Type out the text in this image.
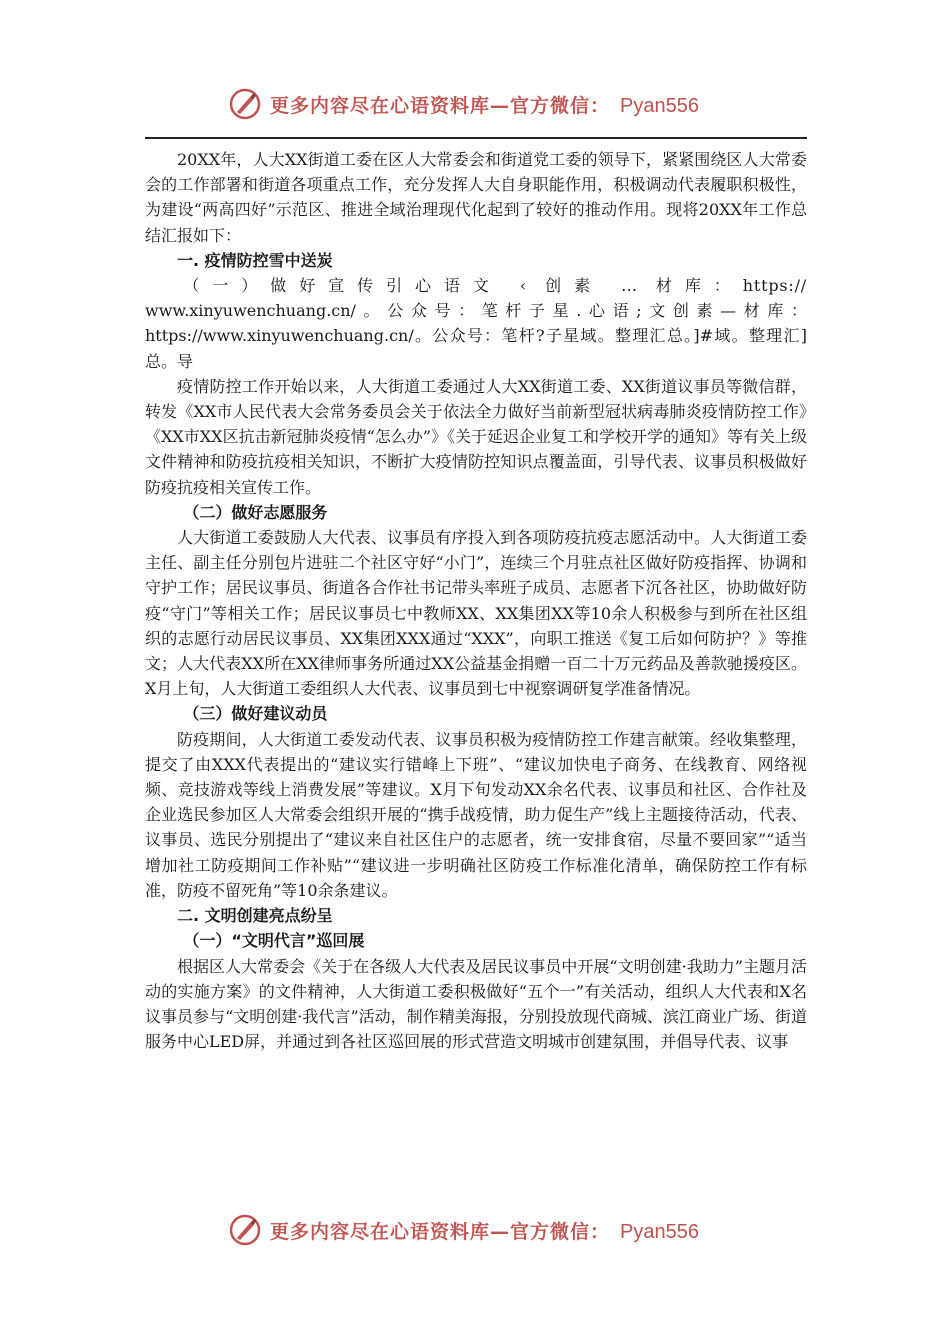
更多内容尽在心语资料库—官方微信： Pyan556

20XX年，人大XX街道工委在区人大常委会和街道党工委的领导下，紧紧围绕区人大常委会的工作部署和街道各项重点工作，充分发挥人大自身职能作用，积极调动代表履职积极性，为建设“两高四好”示范区、推进全域治理现代化起到了较好的推动作用。现将20XX年工作总结汇报如下：

一. 疫情防控雪中送炭

（一）做好宣传引心语文 ‹ 创素 … 材库：https://

www.xinyuwenchuang.cn/。公众号：笔杆子星.心语;文创素—材库：https://www.xinyuwenchuang.cn/。公众号：笔杆?子星域。整理汇总。]#域。整理汇]总。导

疫情防控工作开始以来，人大街道工委通过人大XX街道工委、XX街道议事员等微信群，转发《XX市人民代表大会常务委员会关于依法全力做好当前新型冠状病毒肺炎疫情防控工作》《XX市XX区抗击新冠肺炎疫情“怎么办”》《关于延迟企业复工和学校开学的通知》等有关上级文件精神和防疫抗疫相关知识，不断扩大疫情防控知识点覆盖面，引导代表、议事员积极做好防疫抗疫相关宣传工作。

（二）做好志愿服务

人大街道工委鼓励人大代表、议事员有序投入到各项防疫抗疫志愿活动中。人大街道工委主任、副主任分别包片进驻二个社区守好“小门”，连续三个月驻点社区做好防疫指挥、协调和守护工作；居民议事员、街道各合作社书记带头率班子成员、志愿者下沉各社区，协助做好防疫“守门”等相关工作；居民议事员七中教师XX、XX集团XX等10余人积极参与到所在社区组织的志愿行动居民议事员、XX集团XXX通过“XXX”，向职工推送《复工后如何防护？》等推文；人大代表XX所在XX律师事务所通过XX公益基金捐赠一百二十万元药品及善款驰援疫区。X月上旬，人大街道工委组织人大代表、议事员到七中视察调研复学准备情况。

（三）做好建议动员

防疫期间，人大街道工委发动代表、议事员积极为疫情防控工作建言献策。经收集整理，提交了由XXX代表提出的“建议实行错峰上下班”、“建议加快电子商务、在线教育、网络视频、竞技游戏等线上消费发展”等建议。X月下旬发动XX余名代表、议事员和社区、合作社及企业选民参加区人大常委会组织开展的“携手战疫情，助力促生产”线上主题接待活动，代表、议事员、选民分别提出了“建议来自社区住户的志愿者，统一安排食宿，尽量不要回家”“适当增加社工防疫期间工作补贴”“建议进一步明确社区防疫工作标准化清单，确保防控工作有标准，防疫不留死角”等10余条建议。

二. 文明创建亮点纷呈

（一）“文明代言”巡回展

根据区人大常委会《关于在各级人大代表及居民议事员中开展“文明创建·我助力”主题月活动的实施方案》的文件精神，人大街道工委积极做好“五个一”有关活动，组织人大代表和X名议事员参与“文明创建·我代言”活动，制作精美海报，分别投放现代商城、滨江商业广场、街道服务中心LED屏，并通过到各社区巡回展的形式营造文明城市创建氛围，并倡导代表、议事

更多内容尽在心语资料库—官方微信： Pyan556
